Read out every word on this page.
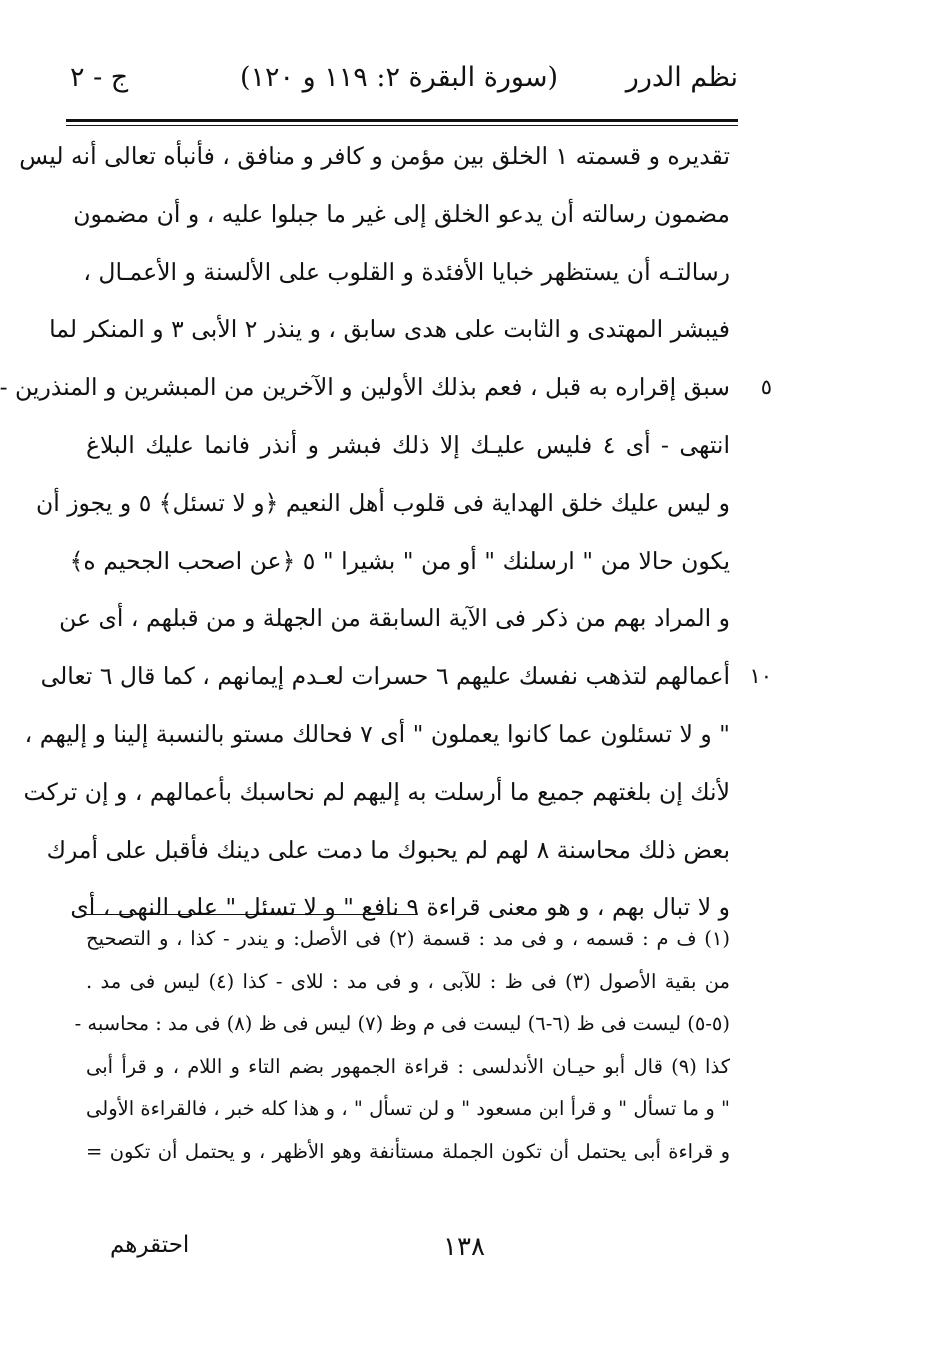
نظم الدرر
(سورة البقرة ٢: ١١٩ و ١٢٠)
ج - ٢
تقديره و قسمته ١ الخلق بين مؤمن و كافر و منافق ، فأنبأه تعالى أنه ليس
مضمون رسالته أن يدعو الخلق إلى غير ما جبلوا عليه ، و أن مضمون
رسالتـه أن يستظهر خبايا الأفئدة و القلوب على الألسنة و الأعمـال ،
فيبشر المهتدى و الثابت على هدى سابق ، و ينذر ٢ الأبى ٣ و المنكر لما
٥
سبق إقراره به قبل ، فعم بذلك الأولين و الآخرين من المبشرين و المنذرين -
انتهى - أى ٤ فليس عليـك إلا ذلك فبشر و أنذر فانما عليك البلاغ
و ليس عليك خلق الهداية فى قلوب أهل النعيم ﴿و لا تسئل﴾ ٥ و يجوز أن
يكون حالا من " ارسلنك " أو من " بشيرا " ٥ ﴿عن اصحب الجحيم ه﴾
و المراد بهم من ذكر فى الآية السابقة من الجهلة و من قبلهم ، أى عن
١٠
أعمالهم لتذهب نفسك عليهم ٦ حسرات لعـدم إيمانهم ، كما قال ٦ تعالى
" و لا تسئلون عما كانوا يعملون " أى ٧ فحالك مستو بالنسبة إلينا و إليهم ،
لأنك إن بلغتهم جميع ما أرسلت به إليهم لم نحاسبك بأعمالهم ، و إن تركت
بعض ذلك محاسنة ٨ لهم لم يحبوك ما دمت على دينك فأقبل على أمرك
و لا تبال بهم ، و هو معنى قراءة ٩ نافع " و لا تسئل " على النهى ، أى
(١) ف م : قسمه ، و فى مد : قسمة (٢) فى الأصل: و يندر - كذا ، و التصحيح
من بقية الأصول (٣) فى ظ : للآبى ، و فى مد : للاى - كذا (٤) ليس فى مد .
(٥-٥) ليست فى ظ (٦-٦) ليست فى م وظ (٧) ليس فى ظ (٨) فى مد : محاسبه -
كذا (٩) قال أبو حيـان الأندلسى : قراءة الجمهور بضم التاء و اللام ، و قرأ أبى
" و ما تسأل " و قرأ ابن مسعود " و لن تسأل " ، و هذا كله خبر ، فالقراءة الأولى
و قراءة أبى يحتمل أن تكون الجملة مستأنفة وهو الأظهر ، و يحتمل أن تكون =
١٣٨
احتقرهم
